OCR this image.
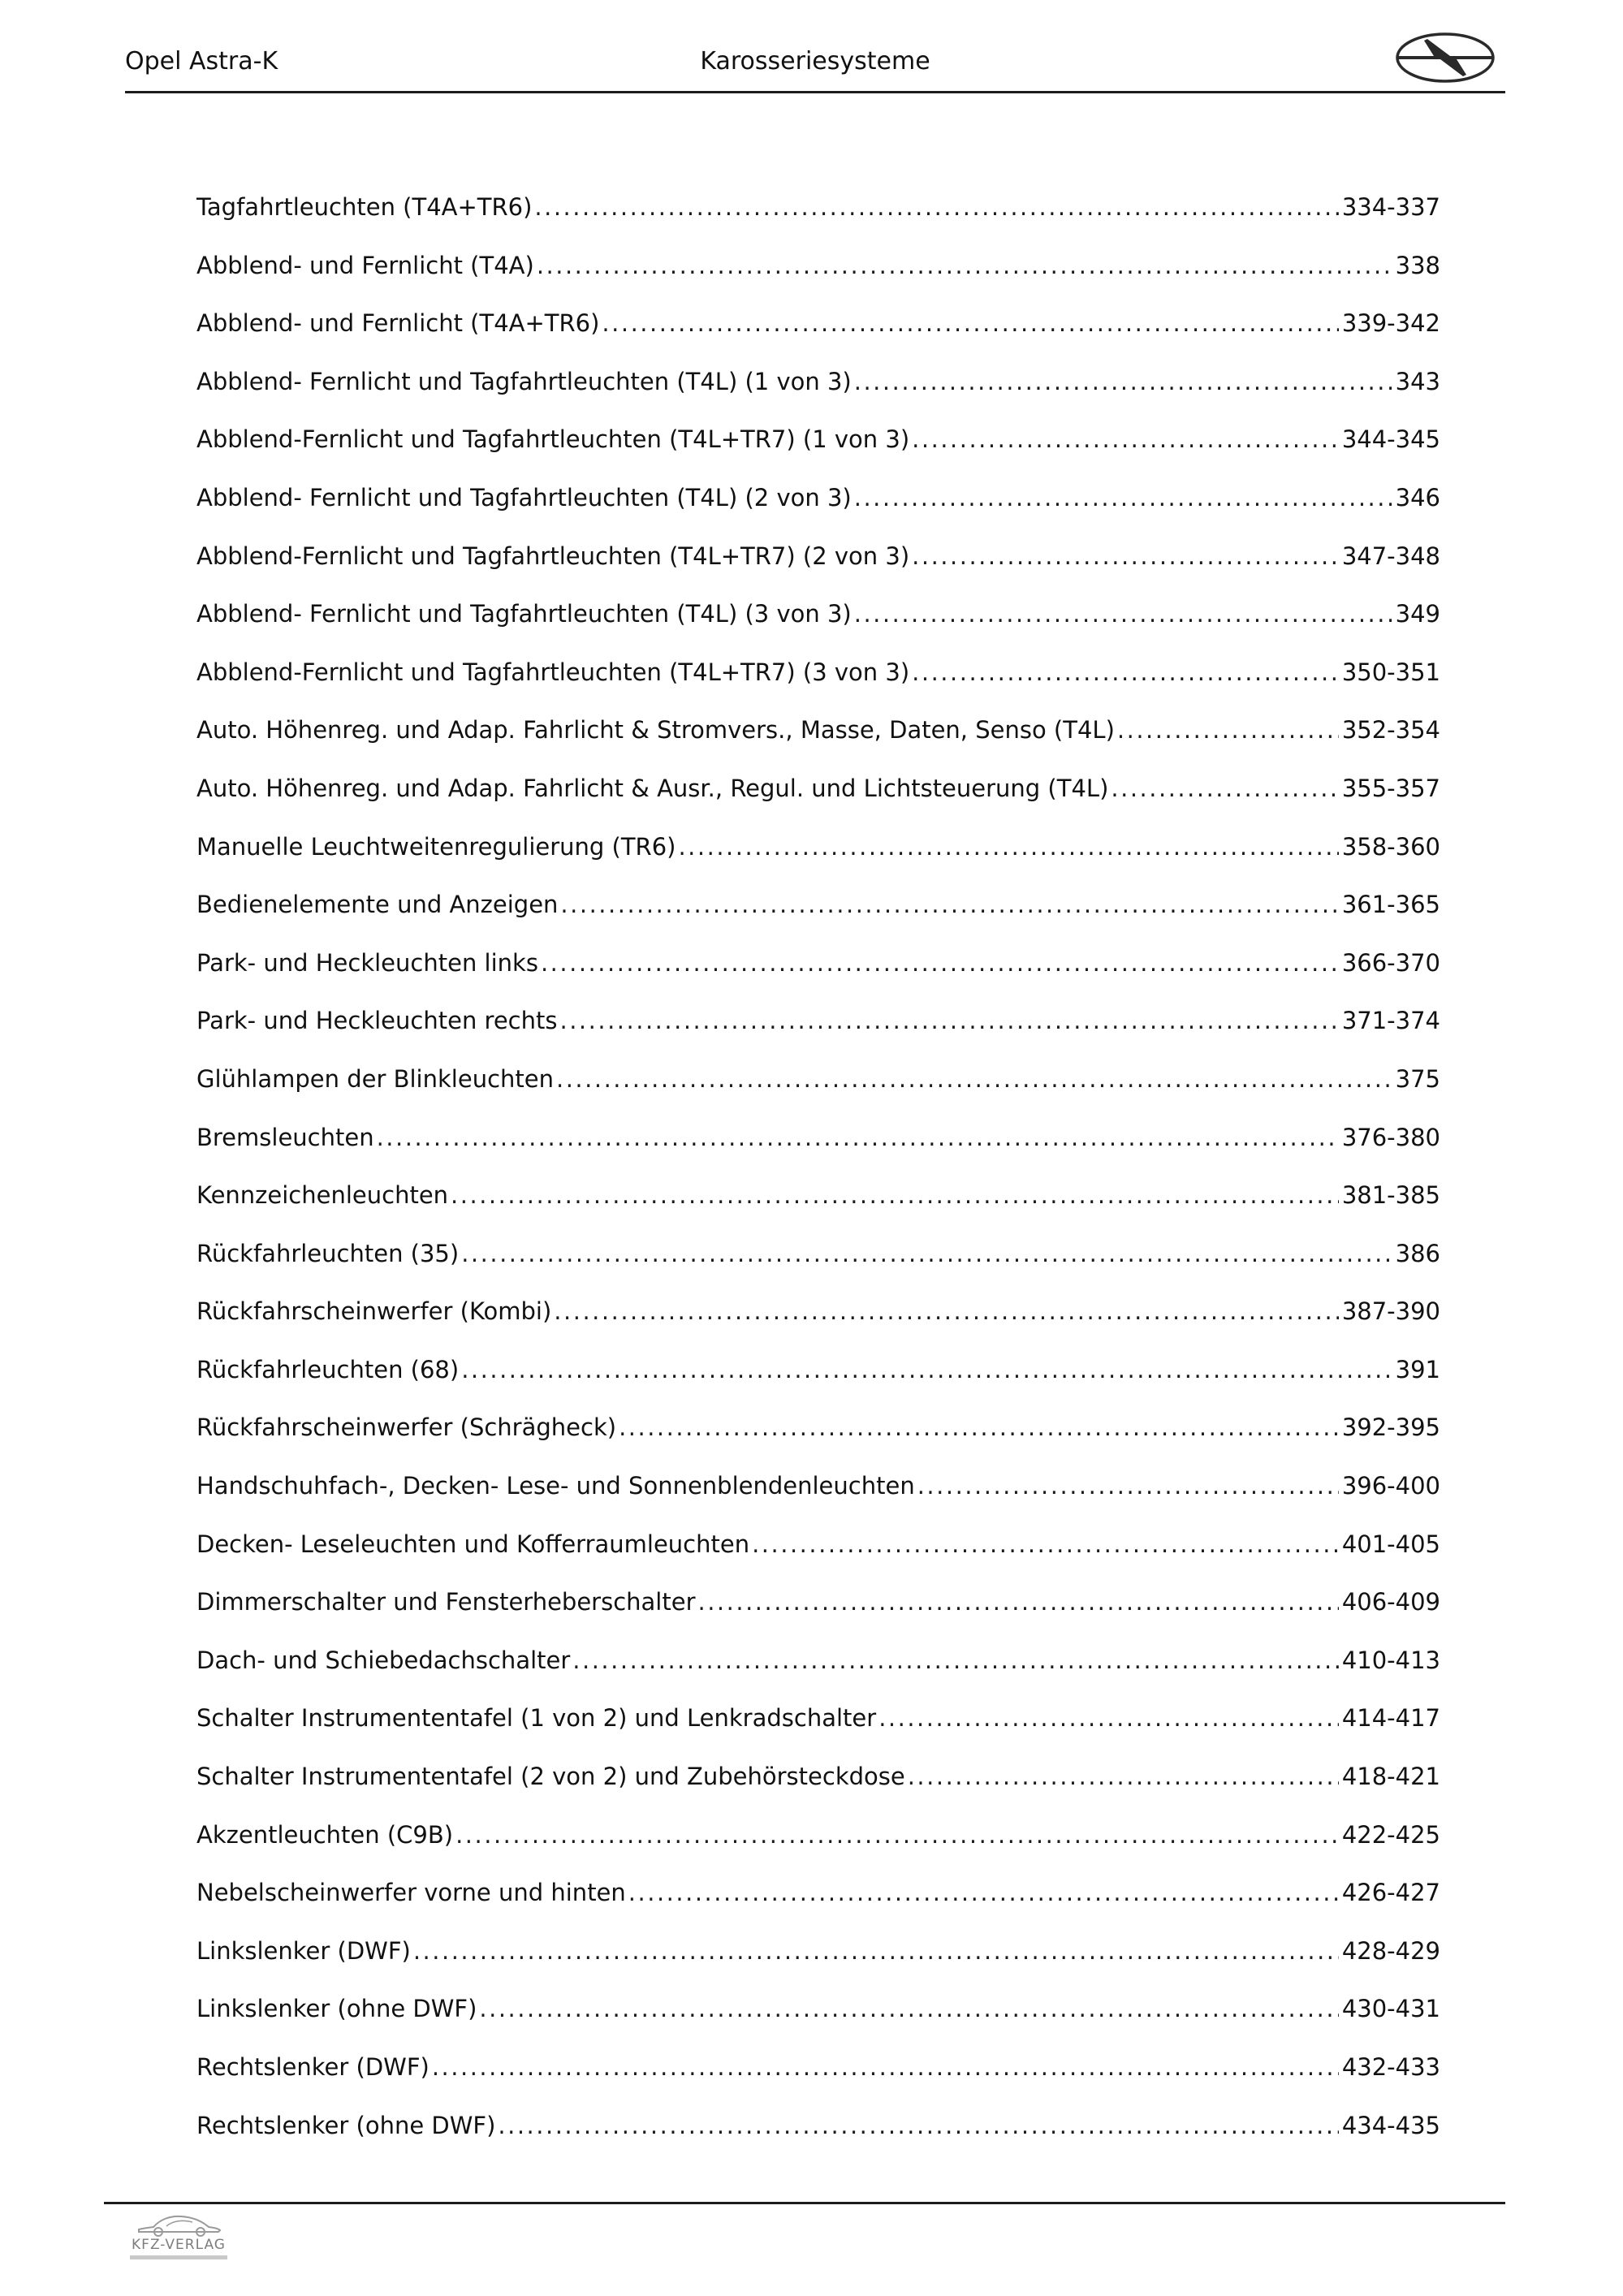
Opel Astra-K	Karosseriesysteme
Tagfahrtleuchten (T4A+TR6) .....	334-337
Abblend- und Fernlicht (T4A) .....	338
Abblend- und Fernlicht (T4A+TR6) .....	339-342
Abblend- Fernlicht und Tagfahrtleuchten (T4L) (1 von 3) .....	343
Abblend-Fernlicht und Tagfahrtleuchten (T4L+TR7) (1 von 3) .....	344-345
Abblend- Fernlicht und Tagfahrtleuchten (T4L) (2 von 3) .....	346
Abblend-Fernlicht und Tagfahrtleuchten (T4L+TR7) (2 von 3) .....	347-348
Abblend- Fernlicht und Tagfahrtleuchten (T4L) (3 von 3) .....	349
Abblend-Fernlicht und Tagfahrtleuchten (T4L+TR7) (3 von 3) .....	350-351
Auto. Höhenreg. und Adap. Fahrlicht & Stromvers., Masse, Daten, Senso (T4L) .....	352-354
Auto. Höhenreg. und Adap. Fahrlicht & Ausr., Regul. und Lichtsteuerung (T4L) .....	355-357
Manuelle Leuchtweitenregulierung (TR6) .....	358-360
Bedienelemente und Anzeigen .....	361-365
Park- und Heckleuchten links .....	366-370
Park- und Heckleuchten rechts .....	371-374
Glühlampen der Blinkleuchten .....	375
Bremsleuchten .....	376-380
Kennzeichenleuchten .....	381-385
Rückfahrleuchten (35) .....	386
Rückfahrscheinwerfer (Kombi) .....	387-390
Rückfahrleuchten (68) .....	391
Rückfahrscheinwerfer (Schrägheck) .....	392-395
Handschuhfach-, Decken- Lese- und Sonnenblendenleuchten .....	396-400
Decken- Leseleuchten und Kofferraumleuchten .....	401-405
Dimmerschalter und Fensterheberschalter .....	406-409
Dach- und Schiebedachschalter .....	410-413
Schalter Instrumententafel (1 von 2) und Lenkradschalter .....	414-417
Schalter Instrumententafel (2 von 2) und Zubehörsteckdose .....	418-421
Akzentleuchten (C9B) .....	422-425
Nebelscheinwerfer vorne und hinten .....	426-427
Linkslenker (DWF) .....	428-429
Linkslenker (ohne DWF) .....	430-431
Rechtslenker (DWF) .....	432-433
Rechtslenker (ohne DWF) .....	434-435
KFZ-VERLAG
